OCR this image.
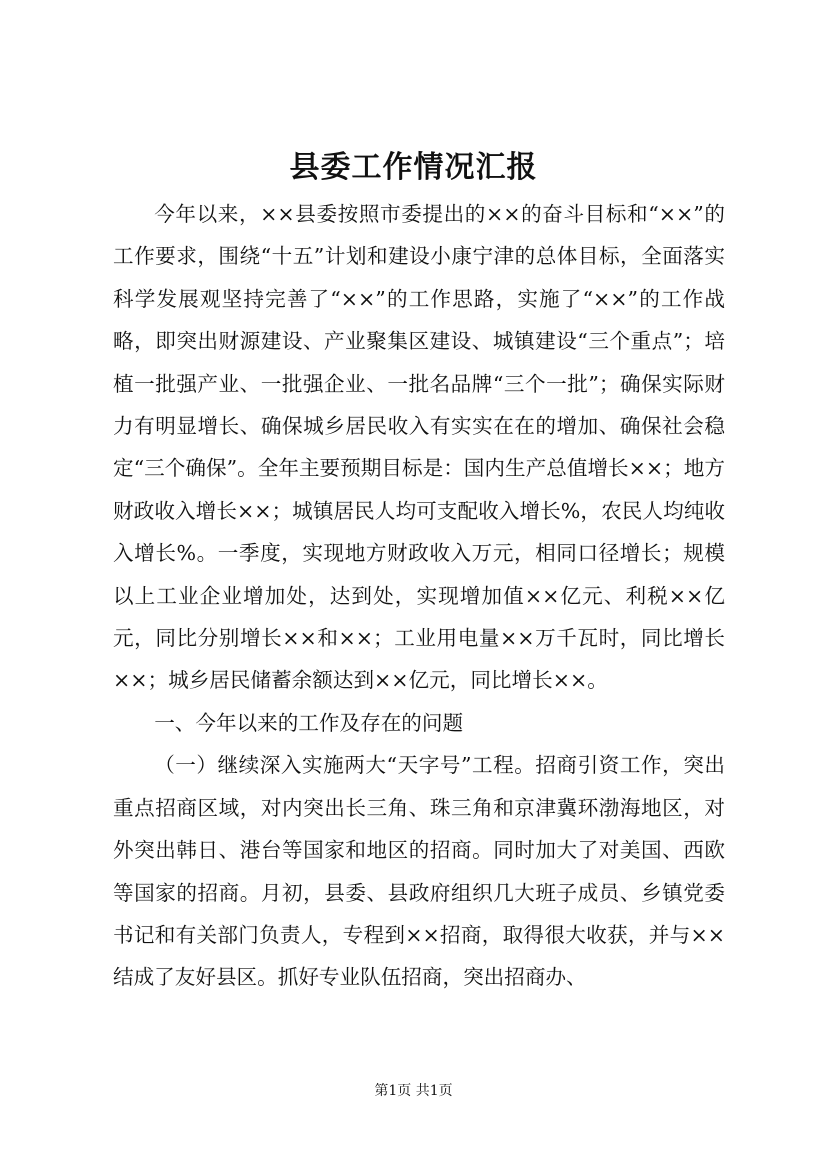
县委工作情况汇报

今年以来，××县委按照市委提出的××的奋斗目标和“××”的工作要求，围绕“十五”计划和建设小康宁津的总体目标，全面落实科学发展观坚持完善了“××”的工作思路，实施了“××”的工作战略，即突出财源建设、产业聚集区建设、城镇建设“三个重点”；培植一批强产业、一批强企业、一批名品牌“三个一批”；确保实际财力有明显增长、确保城乡居民收入有实实在在的增加、确保社会稳定“三个确保”。全年主要预期目标是：国内生产总值增长××；地方财政收入增长××；城镇居民人均可支配收入增长%，农民人均纯收入增长%。一季度，实现地方财政收入万元，相同口径增长；规模以上工业企业增加处，达到处，实现增加值××亿元、利税××亿元，同比分别增长××和××；工业用电量××万千瓦时，同比增长××；城乡居民储蓄余额达到××亿元，同比增长××。

一、今年以来的工作及存在的问题

（一）继续深入实施两大“天字号”工程。招商引资工作，突出重点招商区域，对内突出长三角、珠三角和京津冀环渤海地区，对外突出韩日、港台等国家和地区的招商。同时加大了对美国、西欧等国家的招商。月初，县委、县政府组织几大班子成员、乡镇党委书记和有关部门负责人，专程到××招商，取得很大收获，并与××结成了友好县区。抓好专业队伍招商，突出招商办、

第1页 共1页
